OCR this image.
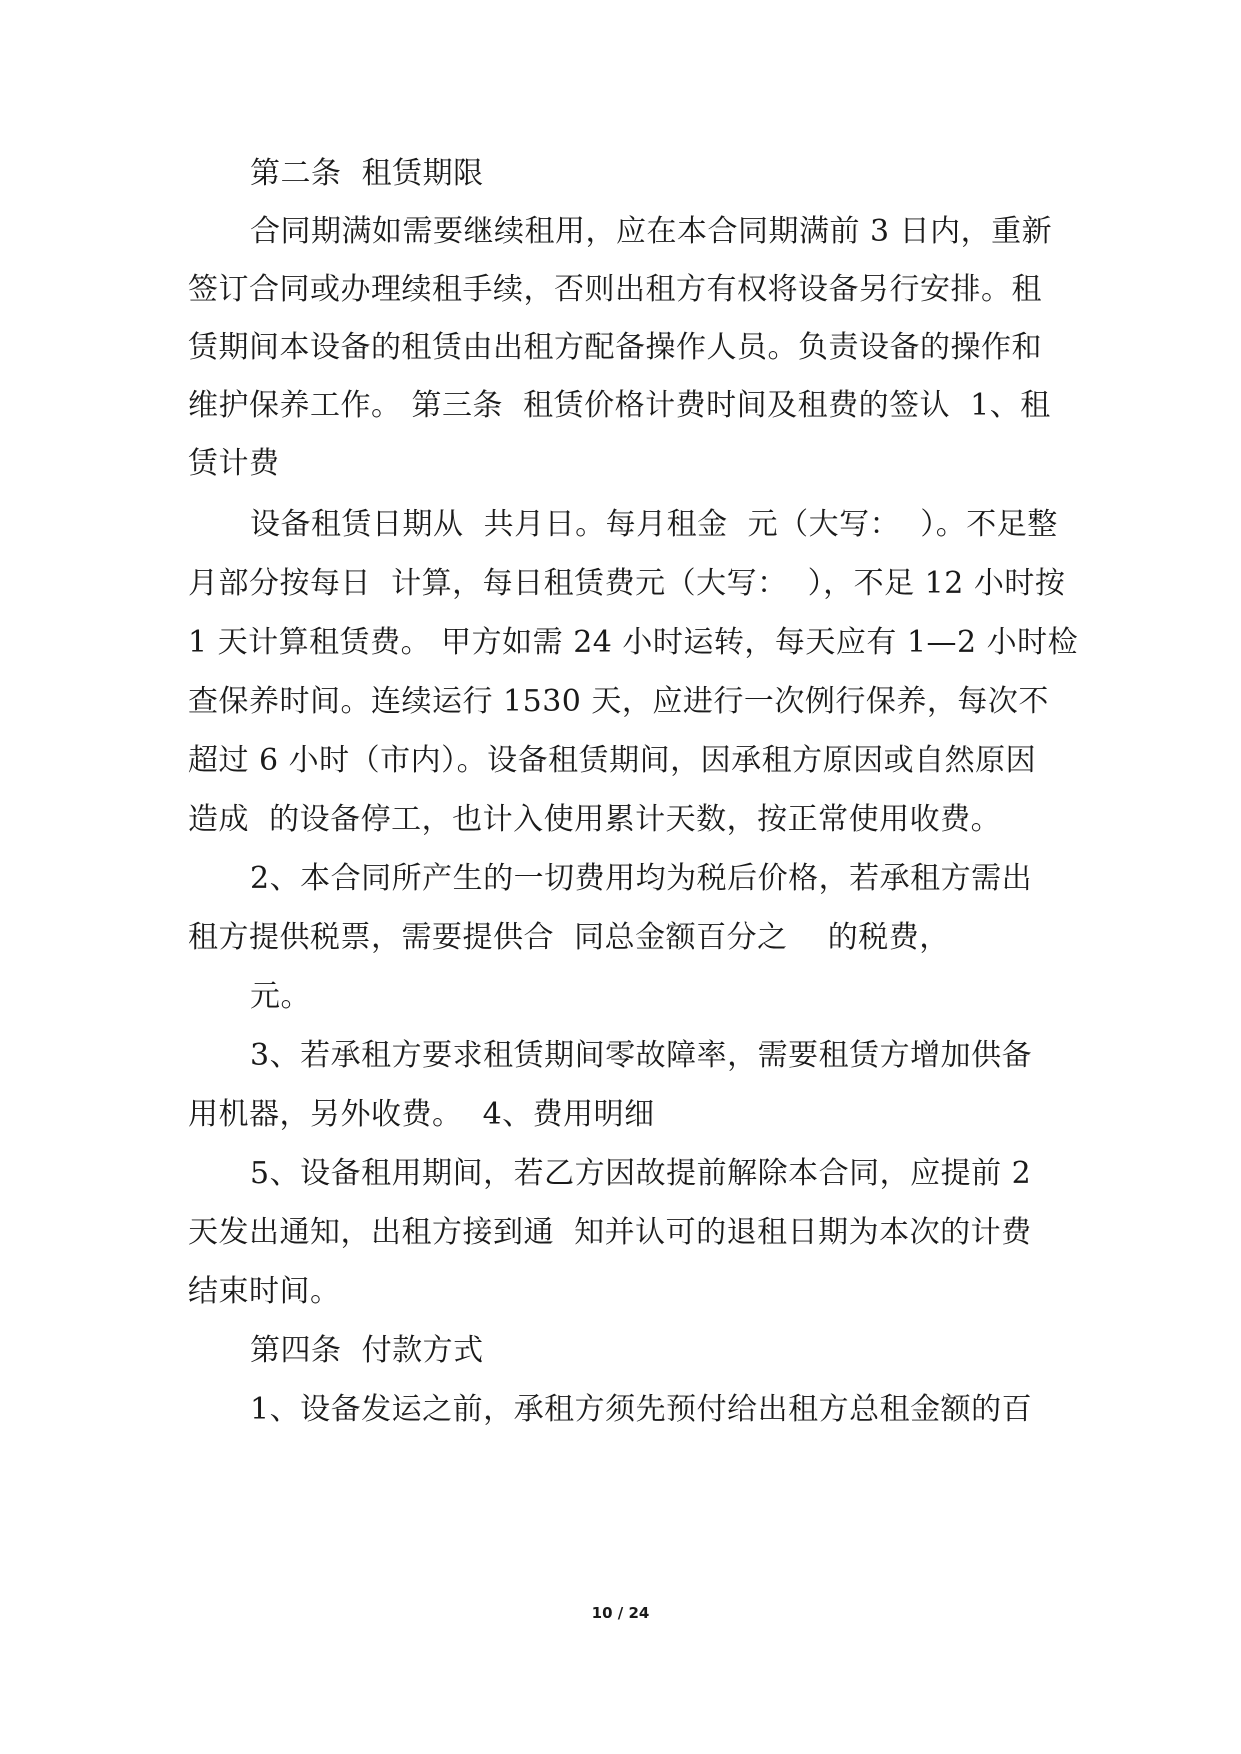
第二条  租赁期限
合同期满如需要继续租用，应在本合同期满前 3 日内，重新
签订合同或办理续租手续，否则出租方有权将设备另行安排。租
赁期间本设备的租赁由出租方配备操作人员。负责设备的操作和
维护保养工作。 第三条  租赁价格计费时间及租费的签认  1、租
赁计费
设备租赁日期从  共月日。每月租金  元（大写：  ）。不足整
月部分按每日  计算，每日租赁费元（大写：  ），不足 12 小时按
1 天计算租赁费。 甲方如需 24 小时运转，每天应有 1—2 小时检
查保养时间。连续运行 1530 天，应进行一次例行保养，每次不
超过 6 小时（市内）。设备租赁期间，因承租方原因或自然原因
造成  的设备停工，也计入使用累计天数，按正常使用收费。
2、本合同所产生的一切费用均为税后价格，若承租方需出
租方提供税票，需要提供合  同总金额百分之    的税费，
元。
3、若承租方要求租赁期间零故障率，需要租赁方增加供备
用机器，另外收费。  4、费用明细
5、设备租用期间，若乙方因故提前解除本合同，应提前 2
天发出通知，出租方接到通  知并认可的退租日期为本次的计费
结束时间。
第四条  付款方式
1、设备发运之前，承租方须先预付给出租方总租金额的百
10 / 24
